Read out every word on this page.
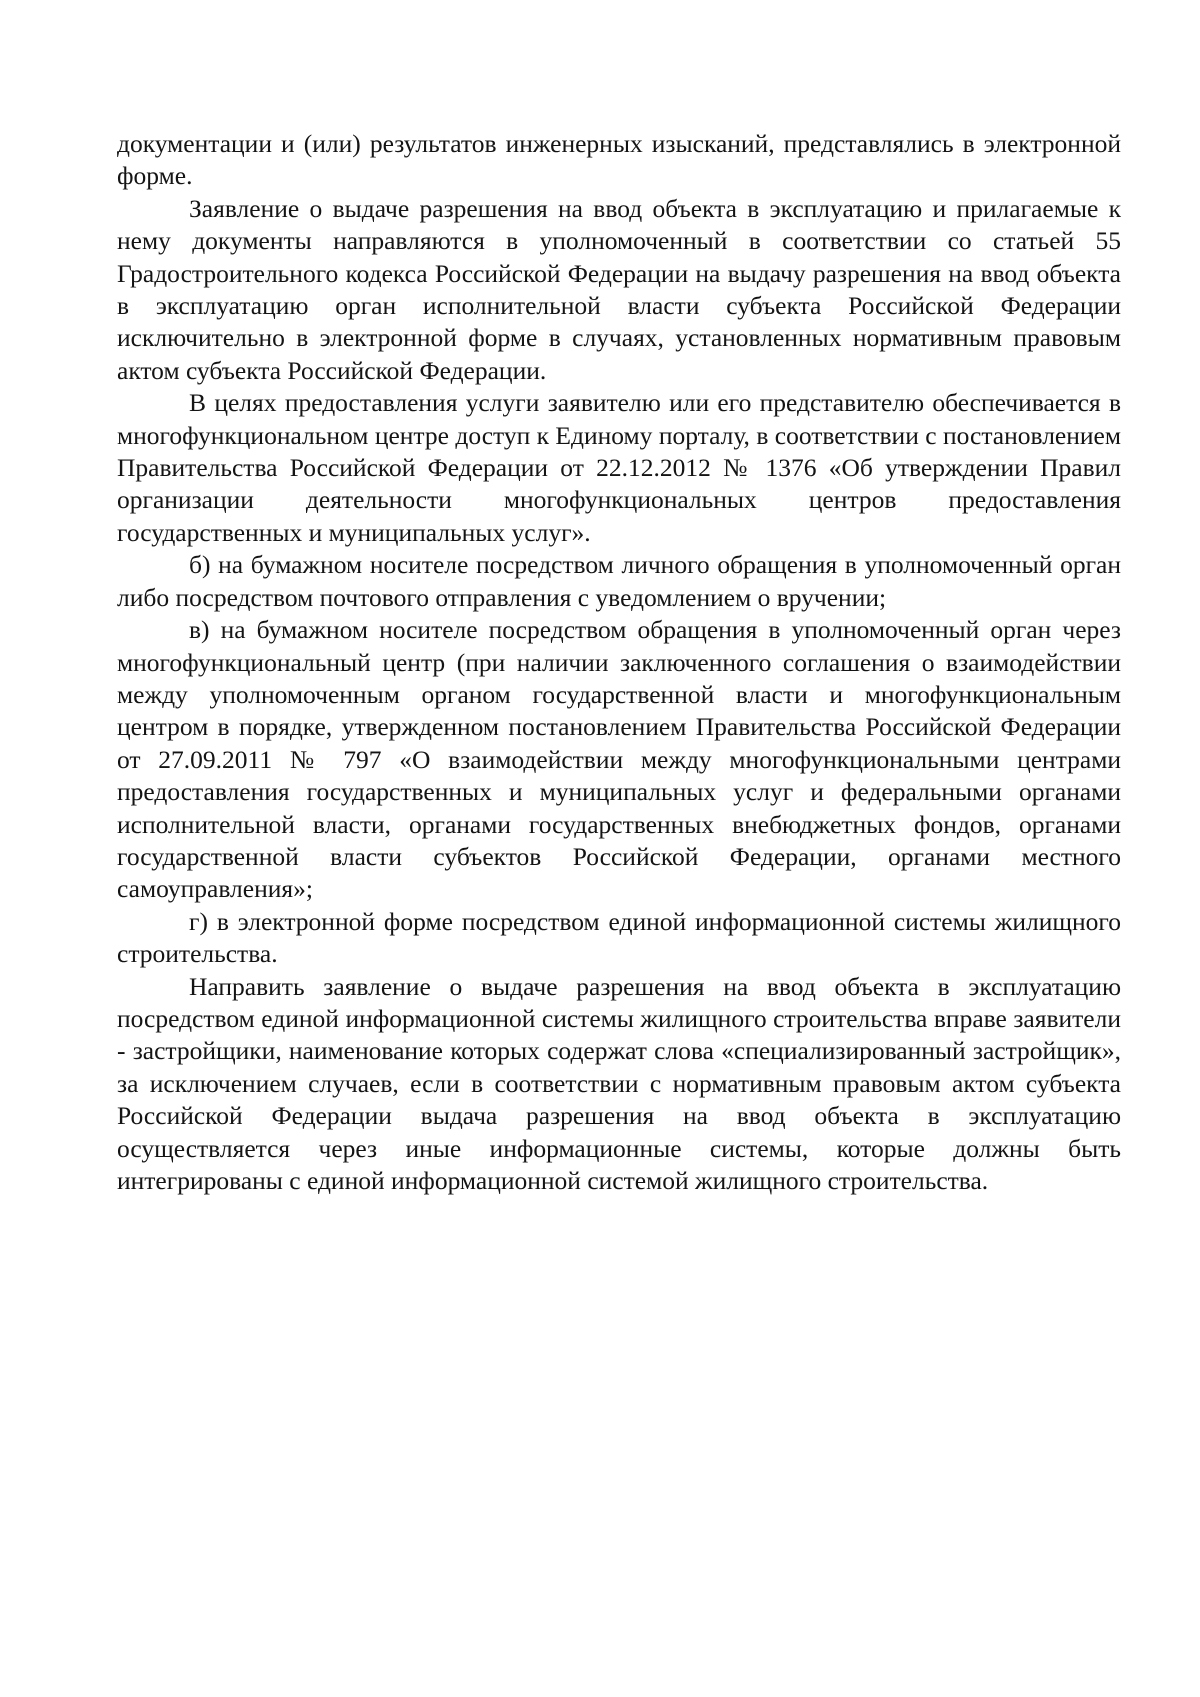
документации и (или) результатов инженерных изысканий, представлялись в электронной форме.

Заявление о выдаче разрешения на ввод объекта в эксплуатацию и прилагаемые к нему документы направляются в уполномоченный в соответствии со статьей 55 Градостроительного кодекса Российской Федерации на выдачу разрешения на ввод объекта в эксплуатацию орган исполнительной власти субъекта Российской Федерации исключительно в электронной форме в случаях, установленных нормативным правовым актом субъекта Российской Федерации.

В целях предоставления услуги заявителю или его представителю обеспечивается в многофункциональном центре доступ к Единому порталу, в соответствии с постановлением Правительства Российской Федерации от 22.12.2012 № 1376 «Об утверждении Правил организации деятельности многофункциональных центров предоставления государственных и муниципальных услуг».

б) на бумажном носителе посредством личного обращения в уполномоченный орган либо посредством почтового отправления с уведомлением о вручении;

в) на бумажном носителе посредством обращения в уполномоченный орган через многофункциональный центр (при наличии заключенного соглашения о взаимодействии между уполномоченным органом государственной власти и многофункциональным центром в порядке, утвержденном постановлением Правительства Российской Федерации от 27.09.2011 № 797 «О взаимодействии между многофункциональными центрами предоставления государственных и муниципальных услуг и федеральными органами исполнительной власти, органами государственных внебюджетных фондов, органами государственной власти субъектов Российской Федерации, органами местного самоуправления»;

г) в электронной форме посредством единой информационной системы жилищного строительства.

Направить заявление о выдаче разрешения на ввод объекта в эксплуатацию посредством единой информационной системы жилищного строительства вправе заявители - застройщики, наименование которых содержат слова «специализированный застройщик», за исключением случаев, если в соответствии с нормативным правовым актом субъекта Российской Федерации выдача разрешения на ввод объекта в эксплуатацию осуществляется через иные информационные системы, которые должны быть интегрированы с единой информационной системой жилищного строительства.
